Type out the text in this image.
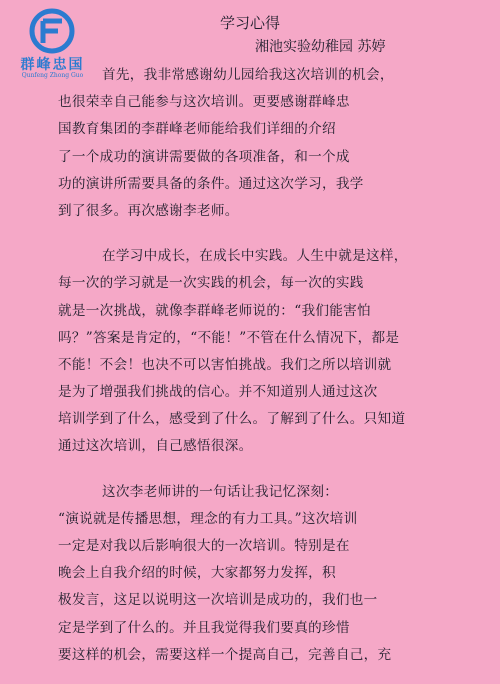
群峰忠国
Qunfeng Zhong Guo
学习心得
湘池实验幼稚园 苏婷
首先，我非常感谢幼儿园给我这次培训的机会，
也很荣幸自己能参与这次培训。更要感谢群峰忠
国教育集团的李群峰老师能给我们详细的介绍
了一个成功的演讲需要做的各项准备，和一个成
功的演讲所需要具备的条件。通过这次学习，我学
到了很多。再次感谢李老师。
在学习中成长，在成长中实践。人生中就是这样，
每一次的学习就是一次实践的机会，每一次的实践
就是一次挑战，就像李群峰老师说的：“我们能害怕
吗？”答案是肯定的，“不能！”不管在什么情况下，都是
不能！不会！也决不可以害怕挑战。我们之所以培训就
是为了增强我们挑战的信心。并不知道别人通过这次
培训学到了什么，感受到了什么。了解到了什么。只知道
通过这次培训，自己感悟很深。
这次李老师讲的一句话让我记忆深刻：
“演说就是传播思想，理念的有力工具。”这次培训
一定是对我以后影响很大的一次培训。特别是在
晚会上自我介绍的时候，大家都努力发挥，积
极发言，这足以说明这一次培训是成功的，我们也一
定是学到了什么的。并且我觉得我们要真的珍惜
要这样的机会，需要这样一个提高自己，完善自己，充
